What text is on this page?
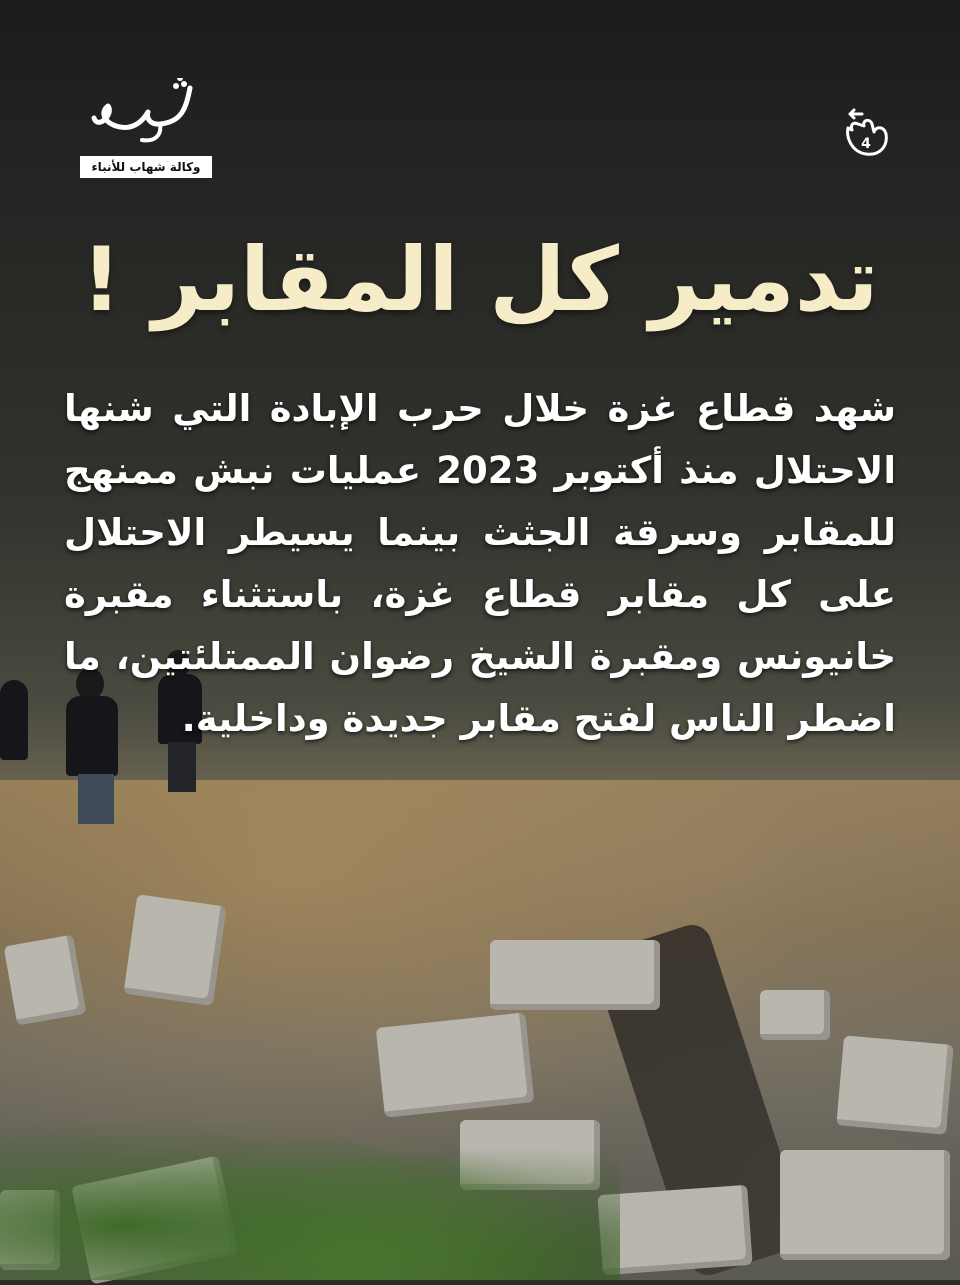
وكالة شهاب للأنباء
4
تدمير كل المقابر !
شهد قطاع غزة خلال حرب الإبادة التي شنها الاحتلال منذ أكتوبر 2023 عمليات نبش ممنهج للمقابر وسرقة الجثث بينما يسيطر الاحتلال على كل مقابر قطاع غزة، باستثناء مقبرة خانيونس ومقبرة الشيخ رضوان الممتلئتين، ما اضطر الناس لفتح مقابر جديدة وداخلية.
